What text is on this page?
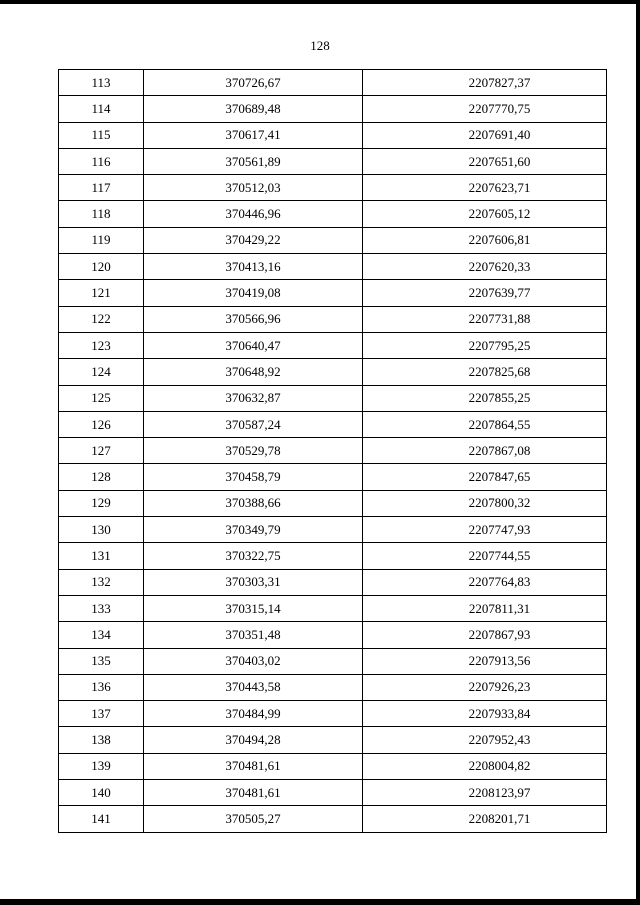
128
113	370726,67	2207827,37
114	370689,48	2207770,75
115	370617,41	2207691,40
116	370561,89	2207651,60
117	370512,03	2207623,71
118	370446,96	2207605,12
119	370429,22	2207606,81
120	370413,16	2207620,33
121	370419,08	2207639,77
122	370566,96	2207731,88
123	370640,47	2207795,25
124	370648,92	2207825,68
125	370632,87	2207855,25
126	370587,24	2207864,55
127	370529,78	2207867,08
128	370458,79	2207847,65
129	370388,66	2207800,32
130	370349,79	2207747,93
131	370322,75	2207744,55
132	370303,31	2207764,83
133	370315,14	2207811,31
134	370351,48	2207867,93
135	370403,02	2207913,56
136	370443,58	2207926,23
137	370484,99	2207933,84
138	370494,28	2207952,43
139	370481,61	2208004,82
140	370481,61	2208123,97
141	370505,27	2208201,71
